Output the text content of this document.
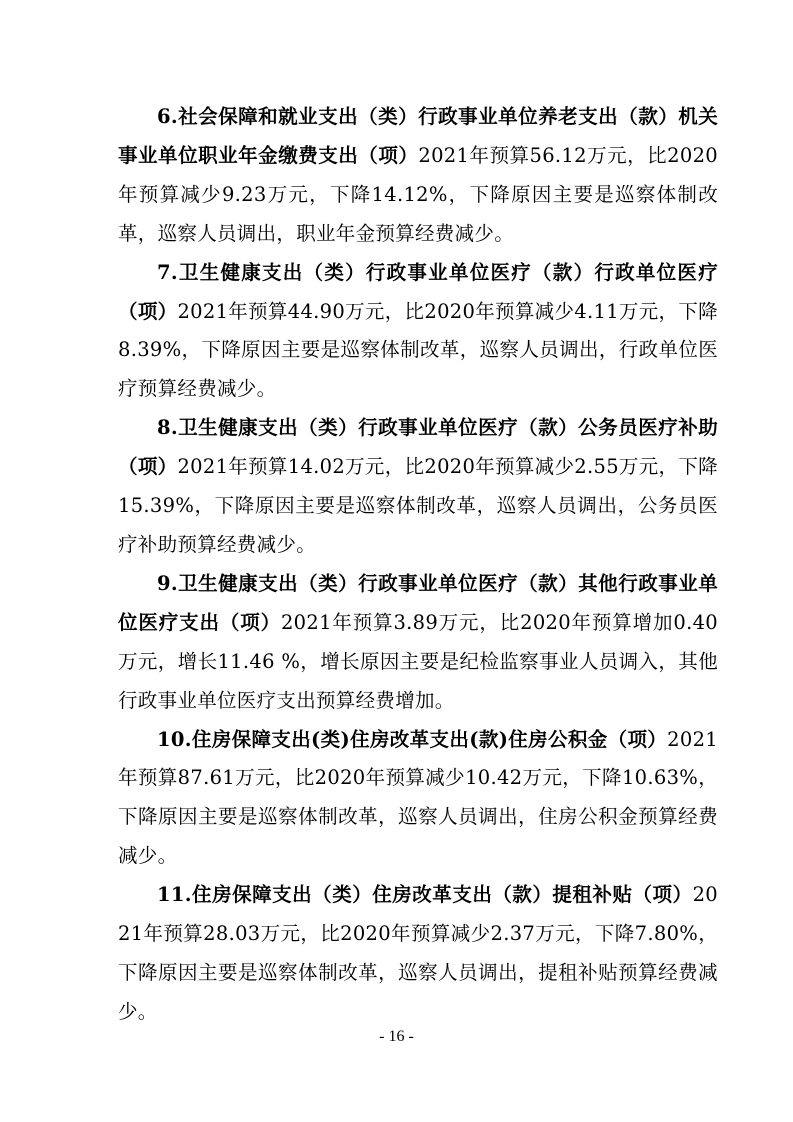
6.社会保障和就业支出（类）行政事业单位养老支出（款）机关事业单位职业年金缴费支出（项）2021年预算56.12万元，比2020年预算减少9.23万元，下降14.12%，下降原因主要是巡察体制改革，巡察人员调出，职业年金预算经费减少。

7.卫生健康支出（类）行政事业单位医疗（款）行政单位医疗（项）2021年预算44.90万元，比2020年预算减少4.11万元，下降8.39%，下降原因主要是巡察体制改革，巡察人员调出，行政单位医疗预算经费减少。

8.卫生健康支出（类）行政事业单位医疗（款）公务员医疗补助（项）2021年预算14.02万元，比2020年预算减少2.55万元，下降15.39%，下降原因主要是巡察体制改革，巡察人员调出，公务员医疗补助预算经费减少。

9.卫生健康支出（类）行政事业单位医疗（款）其他行政事业单位医疗支出（项）2021年预算3.89万元，比2020年预算增加0.40万元，增长11.46 %，增长原因主要是纪检监察事业人员调入，其他行政事业单位医疗支出预算经费增加。

10.住房保障支出(类)住房改革支出(款)住房公积金（项）2021年预算87.61万元，比2020年预算减少10.42万元，下降10.63%，下降原因主要是巡察体制改革，巡察人员调出，住房公积金预算经费减少。

11.住房保障支出（类）住房改革支出（款）提租补贴（项）2021年预算28.03万元，比2020年预算减少2.37万元，下降7.80%，下降原因主要是巡察体制改革，巡察人员调出，提租补贴预算经费减少。

- 16 -
